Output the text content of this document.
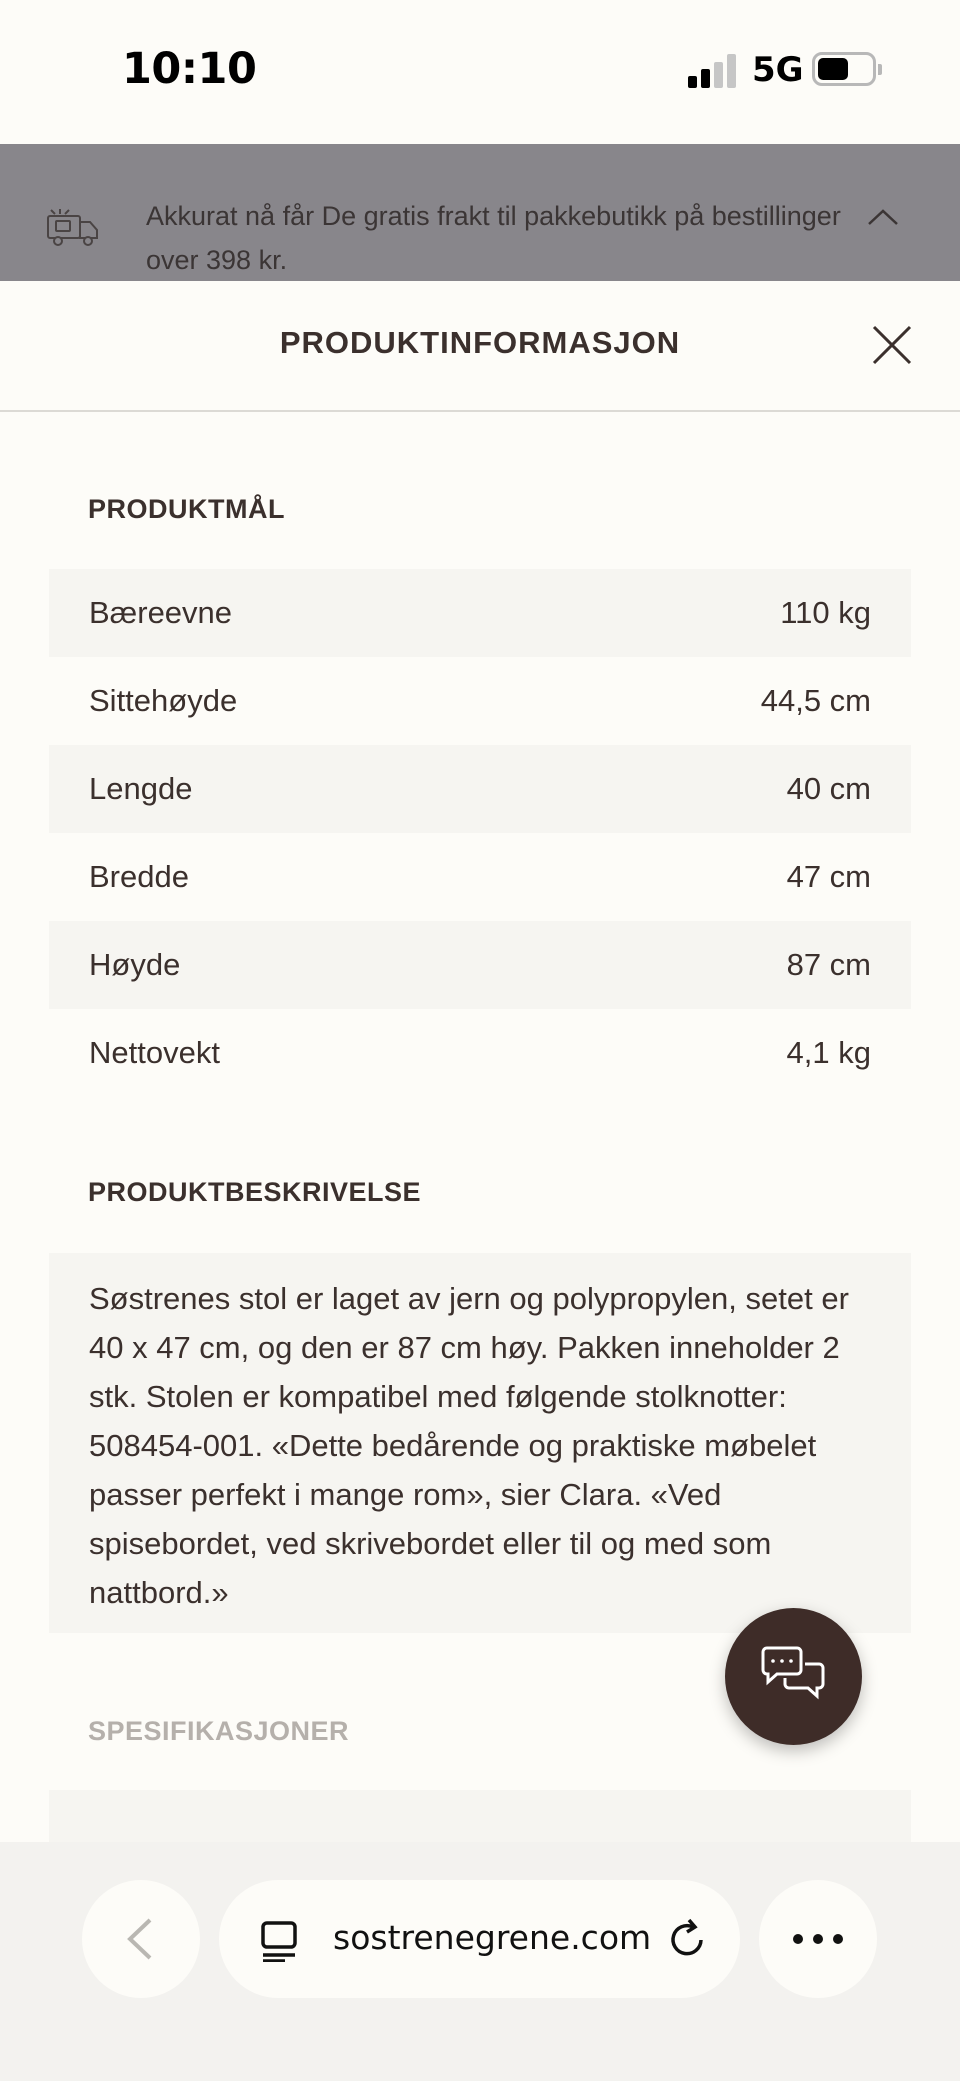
10:10	5G
Akkurat nå får De gratis frakt til pakkebutikk på bestillinger over 398 kr.
PRODUKTINFORMASJON
PRODUKTMÅL
Bæreevne	110 kg
Sittehøyde	44,5 cm
Lengde	40 cm
Bredde	47 cm
Høyde	87 cm
Nettovekt	4,1 kg
PRODUKTBESKRIVELSE
Søstrenes stol er laget av jern og polypropylen, setet er 40 x 47 cm, og den er 87 cm høy. Pakken inneholder 2 stk. Stolen er kompatibel med følgende stolknotter: 508454-001. «Dette bedårende og praktiske møbelet passer perfekt i mange rom», sier Clara. «Ved spisebordet, ved skrivebordet eller til og med som nattbord.»
SPESIFIKASJONER
sostrenegrene.com
